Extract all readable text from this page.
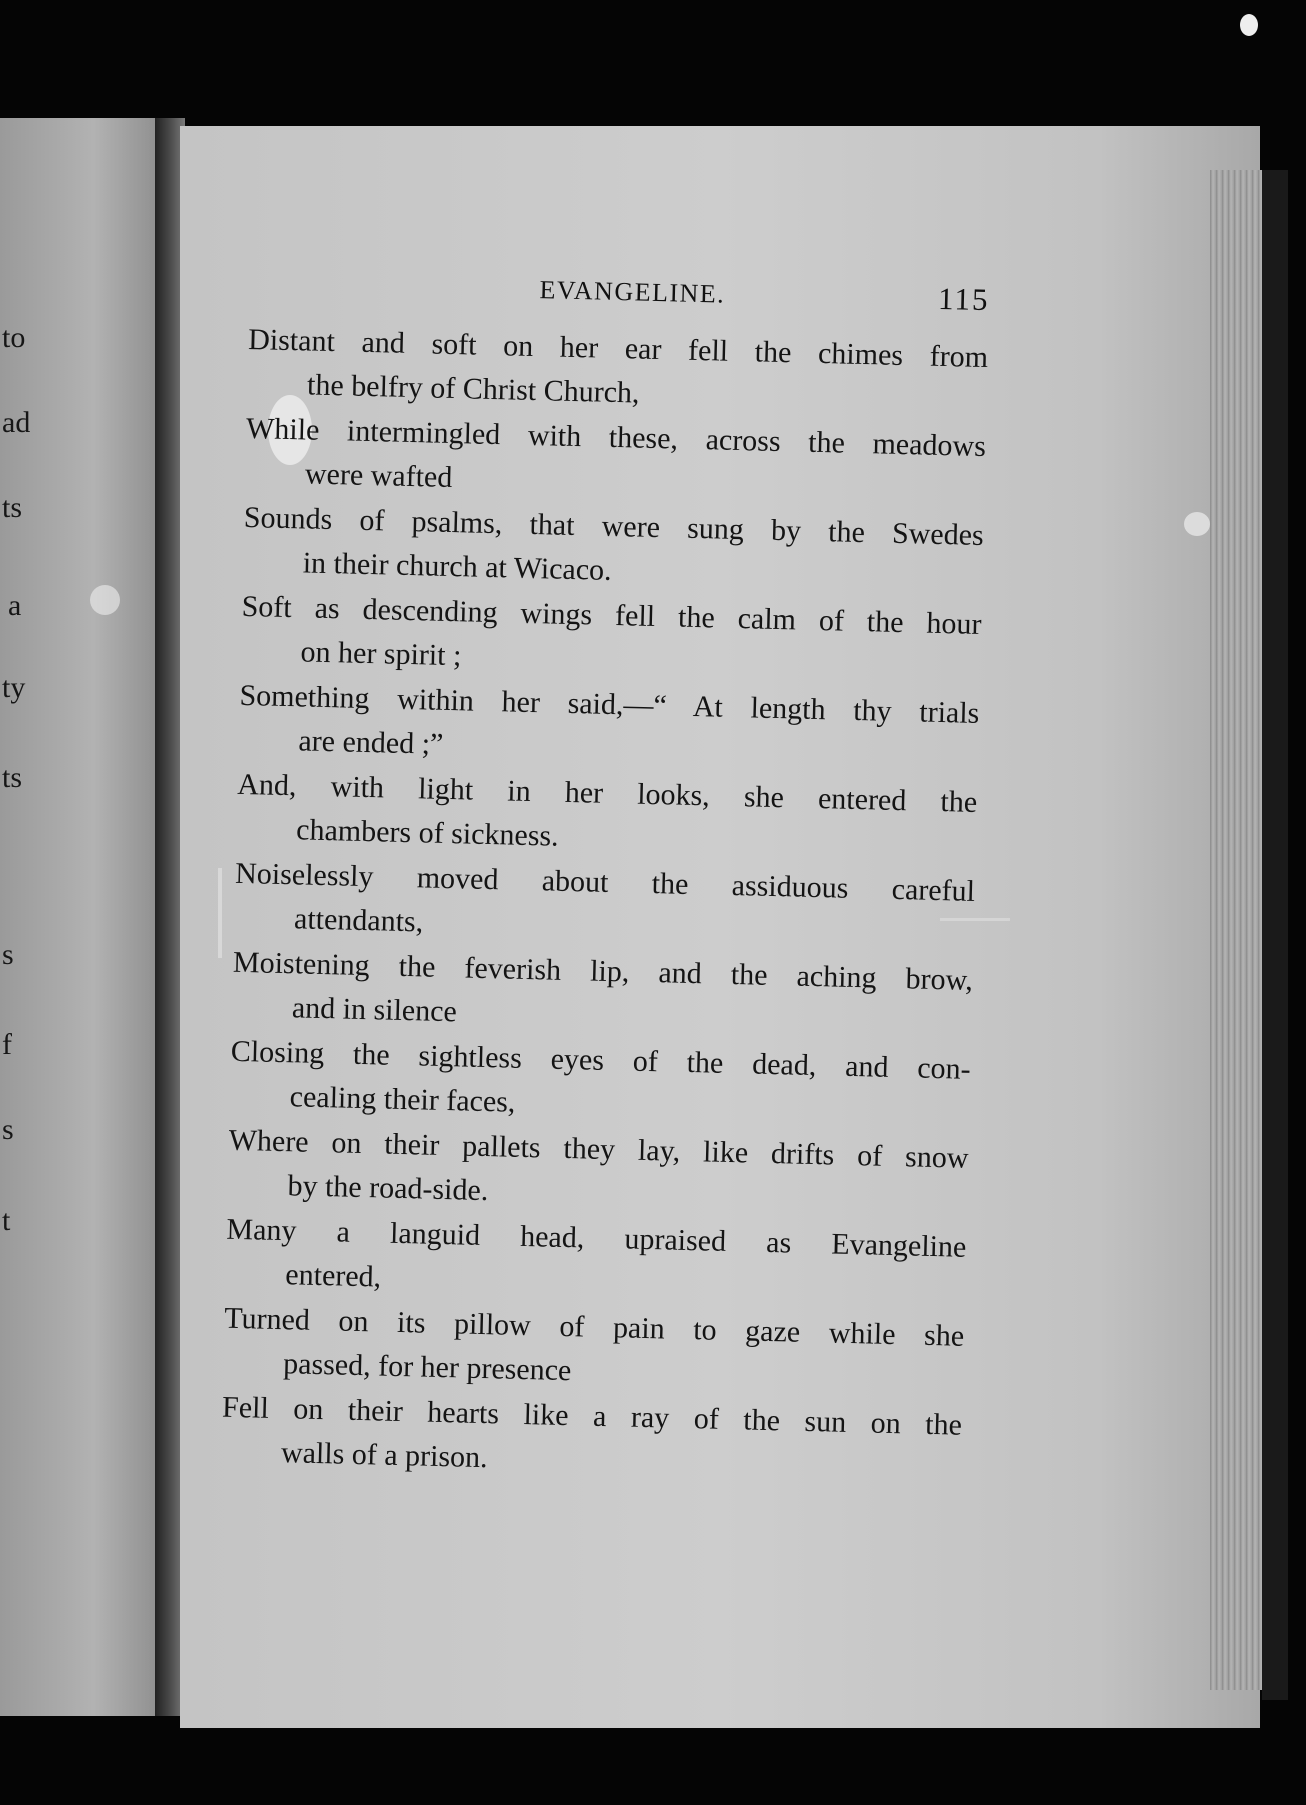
to

ad

ts

a

ty

ts

s

f

s

t

EVANGELINE.	115

Distant and soft on her ear fell the chimes from
the belfry of Christ Church,

While intermingled with these, across the meadows
were wafted

Sounds of psalms, that were sung by the Swedes
in their church at Wicaco.

Soft as descending wings fell the calm of the hour
on her spirit ;

Something within her said,—“ At length thy trials
are ended ;”

And, with light in her looks, she entered the
chambers of sickness.

Noiselessly moved about the assiduous careful
attendants,

Moistening the feverish lip, and the aching brow,
and in silence

Closing the sightless eyes of the dead, and con-
cealing their faces,

Where on their pallets they lay, like drifts of snow
by the road-side.

Many a languid head, upraised as Evangeline
entered,

Turned on its pillow of pain to gaze while she
passed, for her presence

Fell on their hearts like a ray of the sun on the
walls of a prison.
